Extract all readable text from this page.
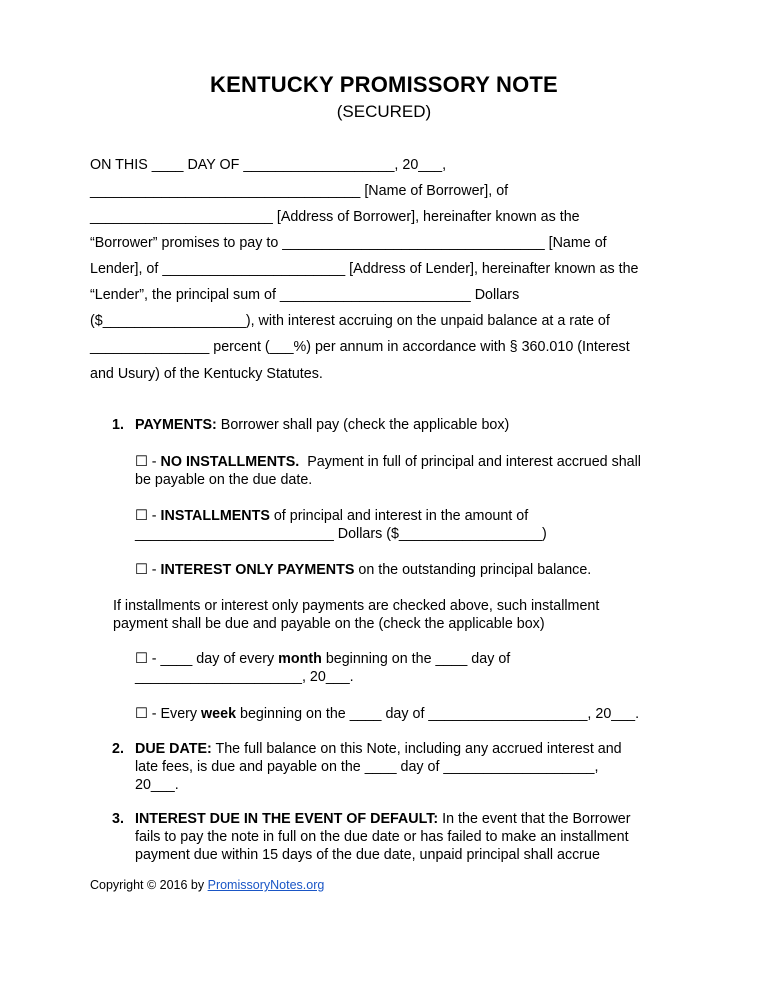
KENTUCKY PROMISSORY NOTE
(SECURED)
ON THIS ____ DAY OF ___________________, 20___,
__________________________________ [Name of Borrower], of
_______________________ [Address of Borrower], hereinafter known as the
“Borrower” promises to pay to _________________________________ [Name of
Lender], of _______________________ [Address of Lender], hereinafter known as the
“Lender”, the principal sum of ________________________ Dollars
($__________________), with interest accruing on the unpaid balance at a rate of
_______________ percent (___%) per annum in accordance with § 360.010 (Interest
and Usury) of the Kentucky Statutes.
1. PAYMENTS: Borrower shall pay (check the applicable box)
☐ - NO INSTALLMENTS.  Payment in full of principal and interest accrued shall
be payable on the due date.
☐ - INSTALLMENTS of principal and interest in the amount of
_________________________ Dollars ($__________________)
☐ - INTEREST ONLY PAYMENTS on the outstanding principal balance.
If installments or interest only payments are checked above, such installment
payment shall be due and payable on the (check the applicable box)
☐ - ____ day of every month beginning on the ____ day of
_____________________, 20___.
☐ - Every week beginning on the ____ day of ____________________, 20___.
2. DUE DATE: The full balance on this Note, including any accrued interest and
late fees, is due and payable on the ____ day of ___________________,
20___.
3. INTEREST DUE IN THE EVENT OF DEFAULT: In the event that the Borrower
fails to pay the note in full on the due date or has failed to make an installment
payment due within 15 days of the due date, unpaid principal shall accrue
Copyright © 2016 by PromissoryNotes.org
